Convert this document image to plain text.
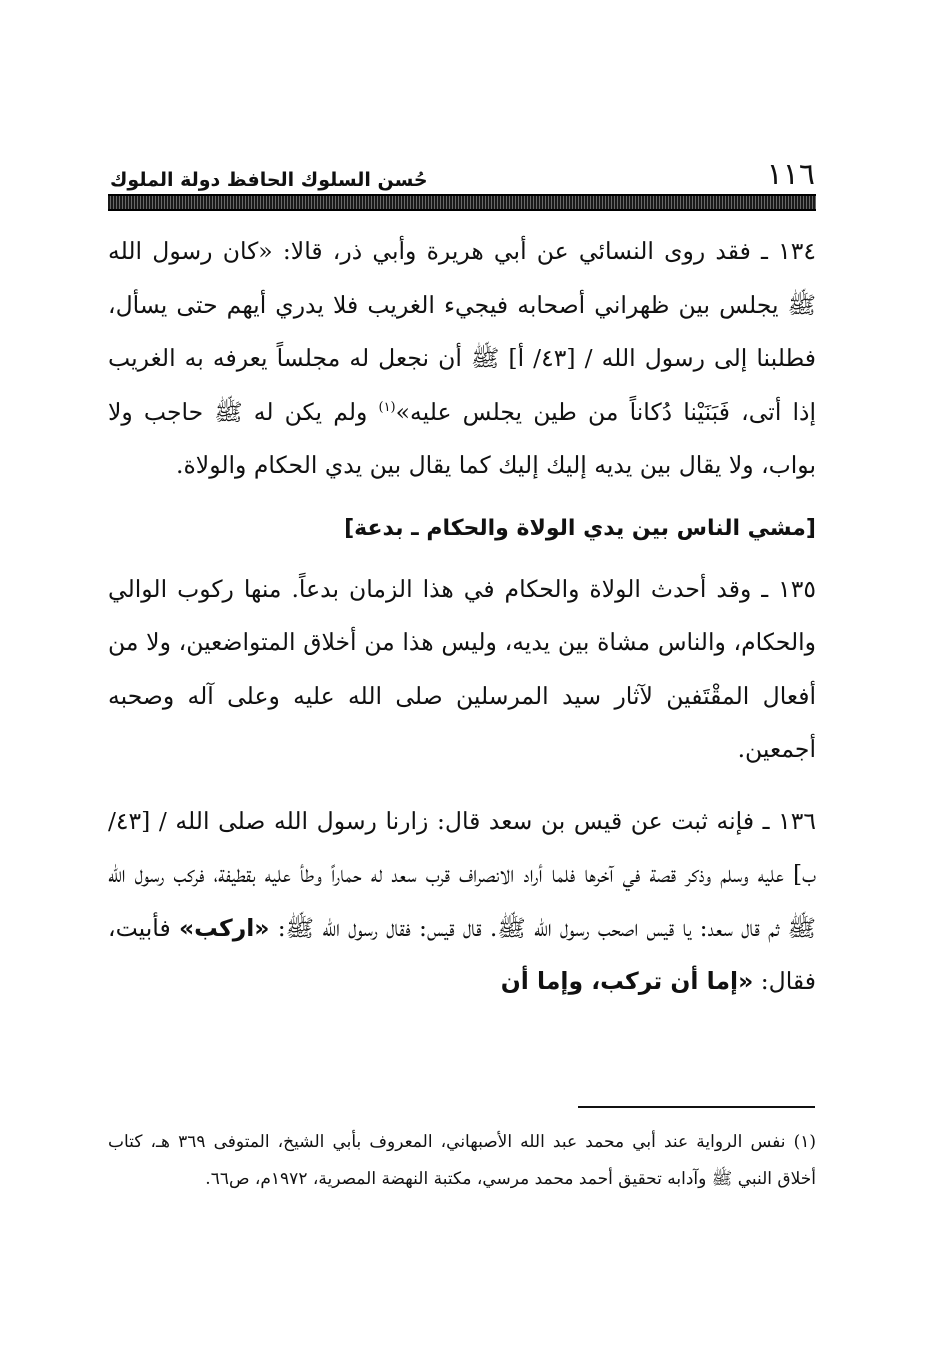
١١٦
حُسن السلوك الحافظ دولة الملوك

١٣٤ ـ فقد روى النسائي عن أبي هريرة وأبي ذر، قالا: «كان رسول الله ﷺ يجلس بين ظهراني أصحابه فيجيء الغريب فلا يدري أيهم حتى يسأل، فطلبنا إلى رسول الله / [٤٣/ أ] ﷺ أن نجعل له مجلساً يعرفه به الغريب إذا أتى، فَبَنَيْنا دُكاناً من طين يجلس عليه»$^{(١)}$ ولم يكن له ﷺ حاجب ولا بواب، ولا يقال بين يديه إليك إليك كما يقال بين يدي الحكام والولاة.

[مشي الناس بين يدي الولاة والحكام ـ بدعة]

١٣٥ ـ وقد أحدث الولاة والحكام في هذا الزمان بدعاً. منها ركوب الوالي والحكام، والناس مشاة بين يديه، وليس هذا من أخلاق المتواضعين، ولا من أفعال المقْتَفين لآثار سيد المرسلين صلى الله عليه وعلى آله وصحبه أجمعين.

١٣٦ ـ فإنه ثبت عن قيس بن سعد قال: زارنا رسول الله صلى الله / [٤٣/ ب] عليه وسلم وذكر قصة في آخرها فلما أراد الانصراف قرب سعد له حماراً وطأ عليه بقطيفة، فركب رسول الله ﷺ ثم قال سعد: يا قيس اصحب رسول الله ﷺ. قال قيس: فقال رسول الله ﷺ: «اركب» فأبيت، فقال: «إما أن تركب، وإما أن

(١) نفس الرواية عند أبي محمد عبد الله الأصبهاني، المعروف بأبي الشيخ، المتوفى ٣٦٩ هـ، كتاب أخلاق النبي ﷺ وآدابه تحقيق أحمد محمد مرسي، مكتبة النهضة المصرية، ١٩٧٢م، ص٦٦.
